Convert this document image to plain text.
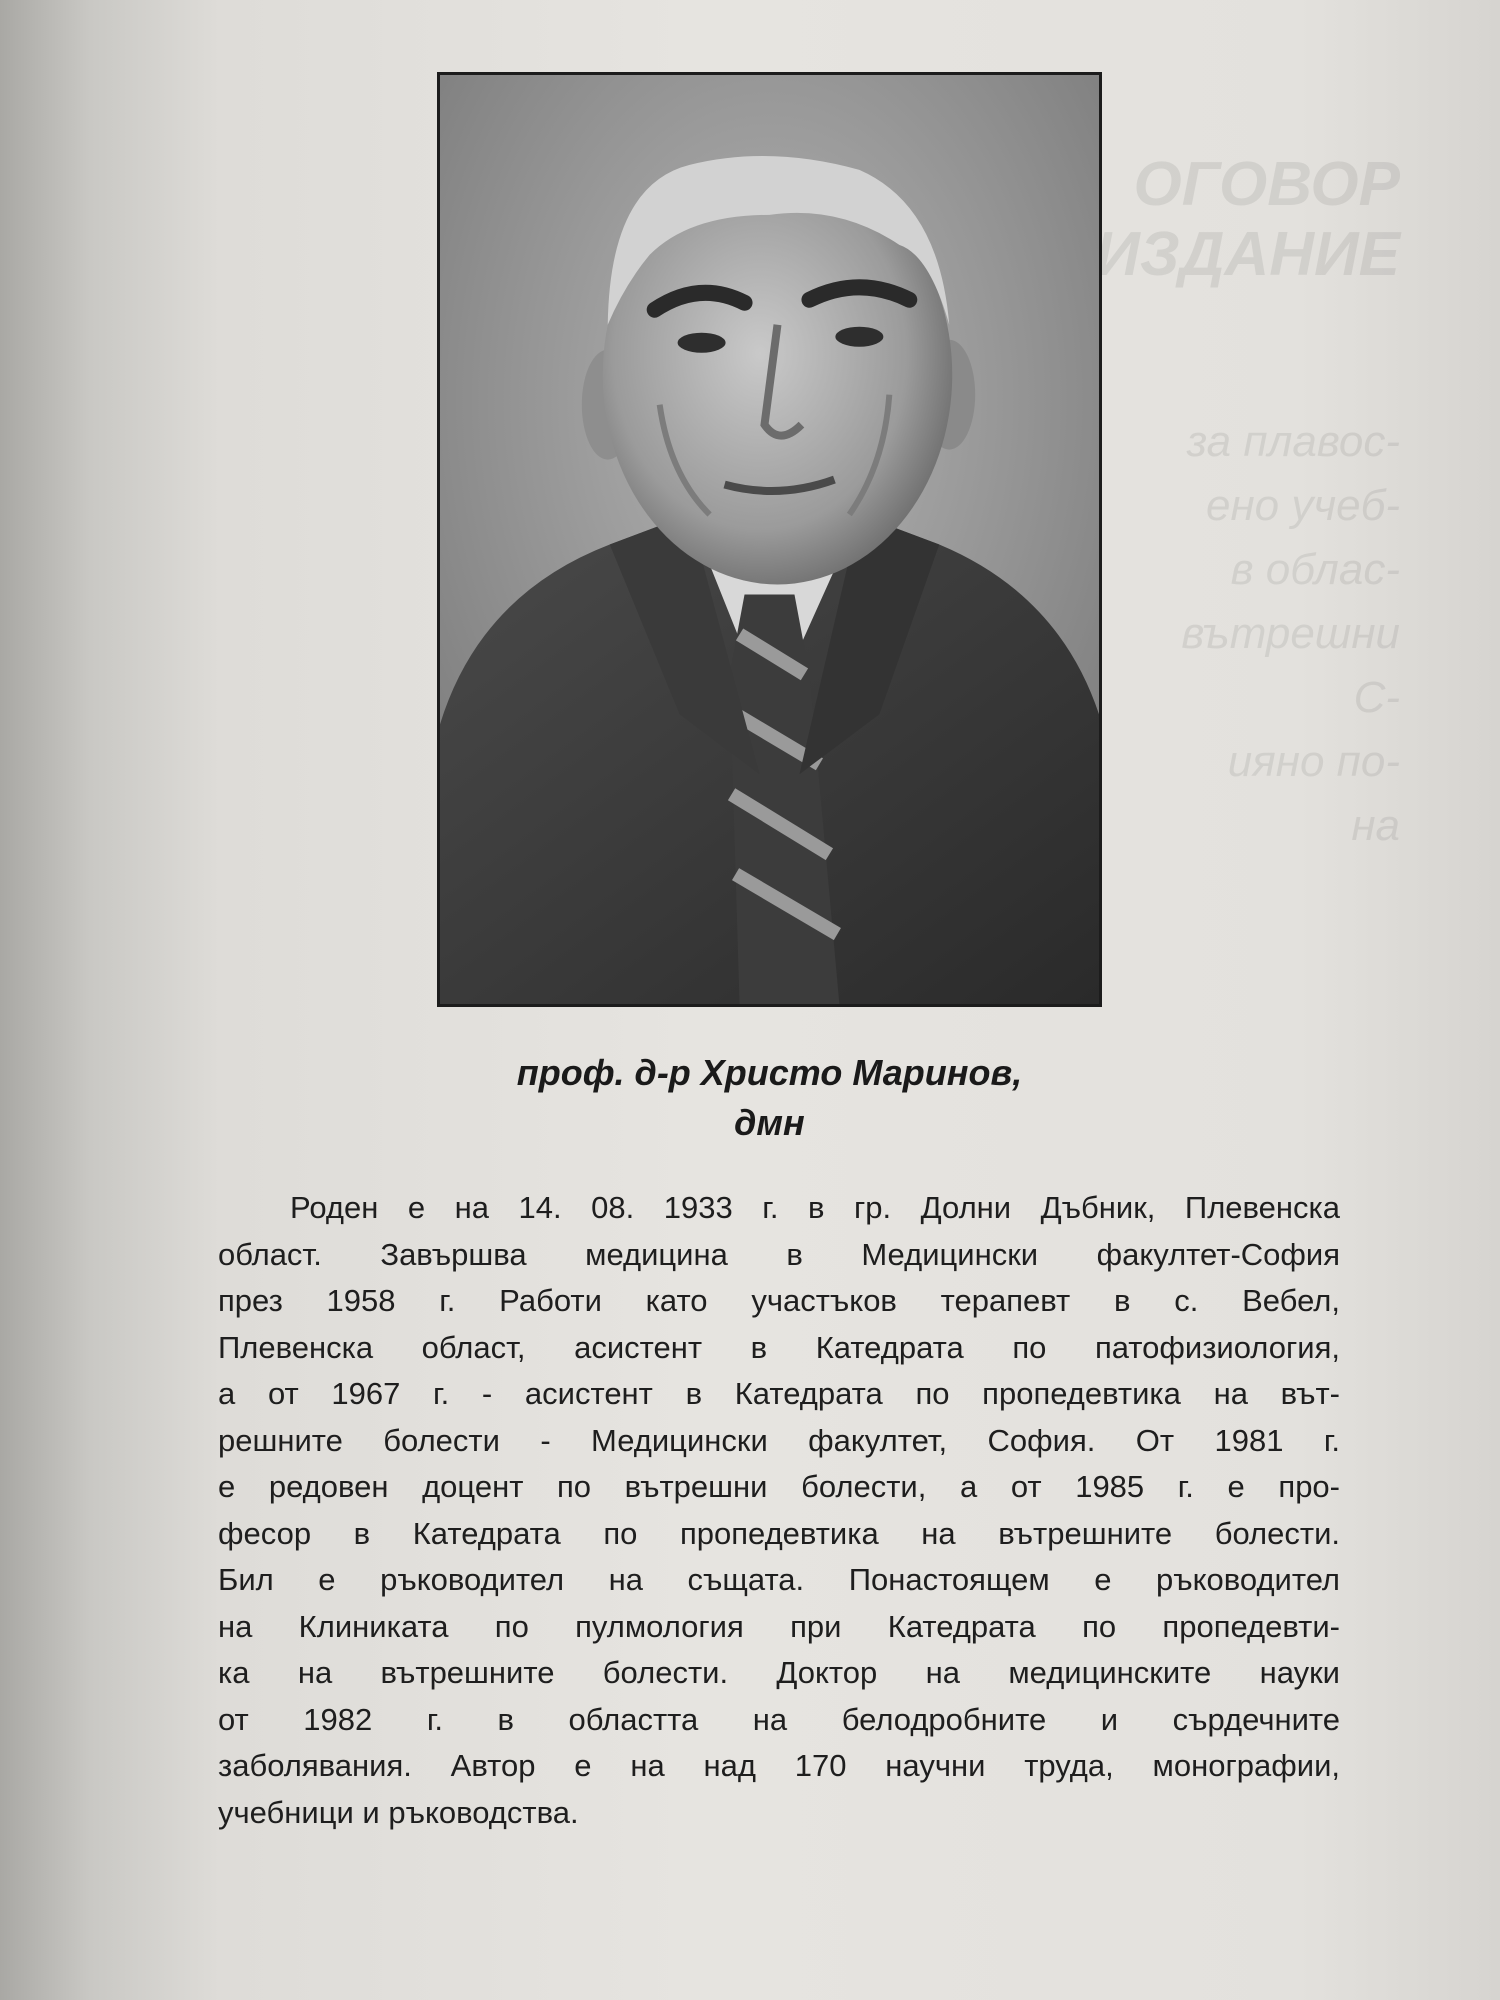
ОГОВОР
ИЗДАНИЕ
за плавос-
ено учеб-
в облас-
вътрешни
С-
ияно по-
на
проф. д-р Христо Маринов,
дмн
Роден е на 14. 08. 1933 г. в гр. Долни Дъбник, Плевенска
област. Завършва медицина в Медицински факултет-София
през 1958 г. Работи като участъков терапевт в с. Вебел,
Плевенска област, асистент в Катедрата по патофизиология,
а от 1967 г. - асистент в Катедрата по пропедевтика на вът-
решните болести - Медицински факултет, София. От 1981 г.
е редовен доцент по вътрешни болести, а от 1985 г. е про-
фесор в Катедрата по пропедевтика на вътрешните болести.
Бил е ръководител на същата. Понастоящем е ръководител
на Клиниката по пулмология при Катедрата по пропедевти-
ка на вътрешните болести. Доктор на медицинските науки
от 1982 г. в областта на белодробните и сърдечните
заболявания. Автор е на над 170 научни труда, монографии,
учебници и ръководства.
